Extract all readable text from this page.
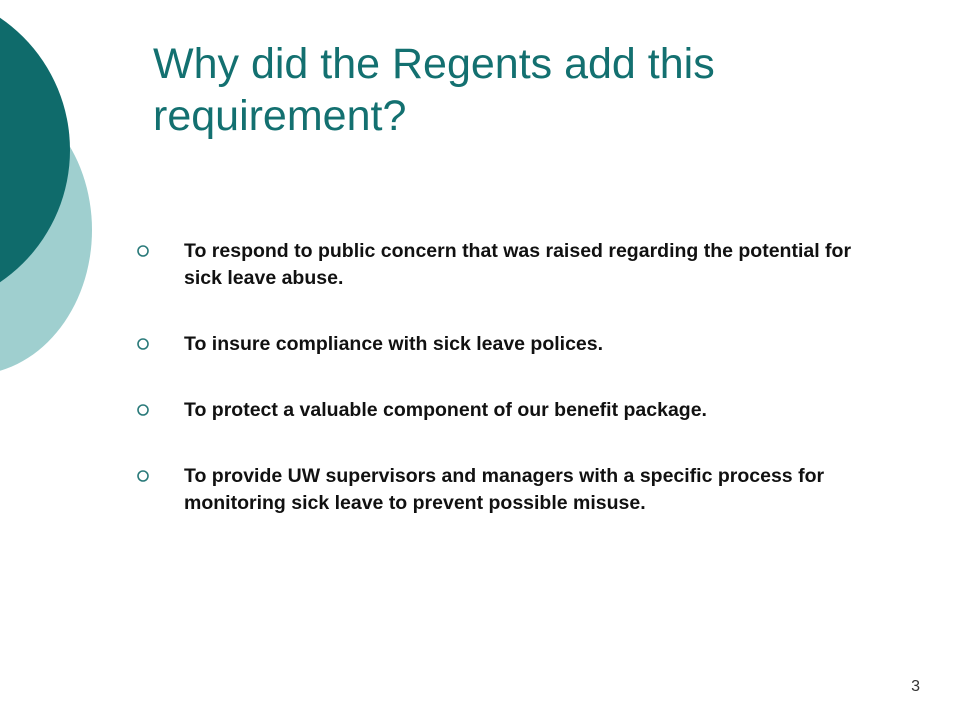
Why did the Regents add this requirement?
To respond to public concern that was raised regarding the potential for sick leave abuse.
To insure compliance with sick leave polices.
To protect a valuable component of our benefit package.
To provide UW supervisors and managers with a specific process for monitoring sick leave to prevent possible misuse.
3
